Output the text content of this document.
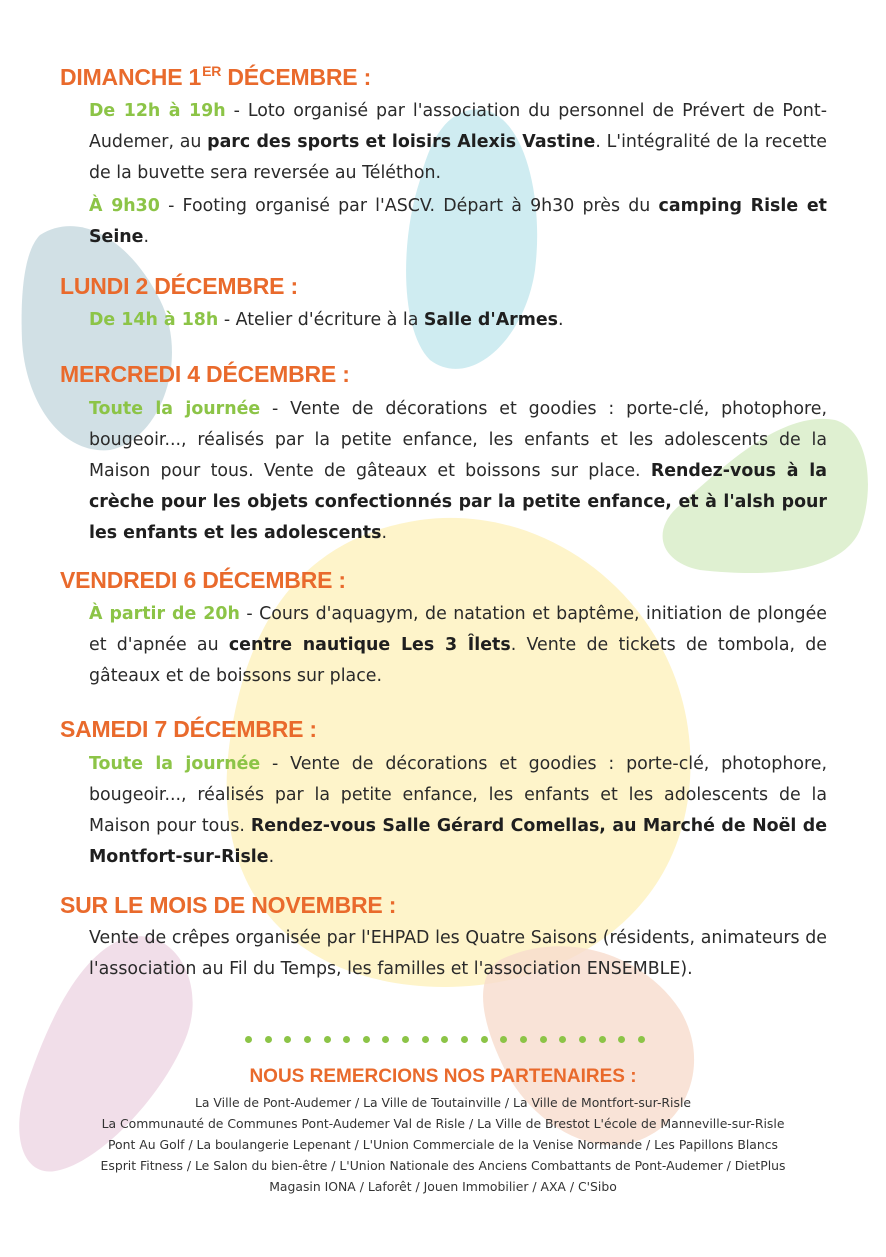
DIMANCHE 1ER DÉCEMBRE :

De 12h à 19h - Loto organisé par l'association du personnel de Prévert de Pont-Audemer, au parc des sports et loisirs Alexis Vastine. L'intégralité de la recette de la buvette sera reversée au Téléthon.

À 9h30 - Footing organisé par l'ASCV. Départ à 9h30 près du camping Risle et Seine.

LUNDI 2 DÉCEMBRE :

De 14h à 18h - Atelier d'écriture à la Salle d'Armes.

MERCREDI 4 DÉCEMBRE :

Toute la journée - Vente de décorations et goodies : porte-clé, photophore, bougeoir..., réalisés par la petite enfance, les enfants et les adolescents de la Maison pour tous. Vente de gâteaux et boissons sur place. Rendez-vous à la crèche pour les objets confectionnés par la petite enfance, et à l'alsh pour les enfants et les adolescents.

VENDREDI 6 DÉCEMBRE :

À partir de 20h - Cours d'aquagym, de natation et baptême, initiation de plongée et d'apnée au centre nautique Les 3 Îlets. Vente de tickets de tombola, de gâteaux et de boissons sur place.

SAMEDI 7 DÉCEMBRE :

Toute la journée - Vente de décorations et goodies : porte-clé, photophore, bougeoir..., réalisés par la petite enfance, les enfants et les adolescents de la Maison pour tous. Rendez-vous Salle Gérard Comellas, au Marché de Noël de Montfort-sur-Risle.

SUR LE MOIS DE NOVEMBRE :

Vente de crêpes organisée par l'EHPAD les Quatre Saisons (résidents, animateurs de l'association au Fil du Temps, les familles et l'association ENSEMBLE).

NOUS REMERCIONS NOS PARTENAIRES :

La Ville de Pont-Audemer / La Ville de Toutainville / La Ville de Montfort-sur-Risle

La Communauté de Communes Pont-Audemer Val de Risle / La Ville de Brestot L'école de Manneville-sur-Risle

Pont Au Golf / La boulangerie Lepenant / L'Union Commerciale de la Venise Normande / Les Papillons Blancs

Esprit Fitness / Le Salon du bien-être / L'Union Nationale des Anciens Combattants de Pont-Audemer / DietPlus

Magasin IONA / Laforêt / Jouen Immobilier / AXA / C'Sibo
